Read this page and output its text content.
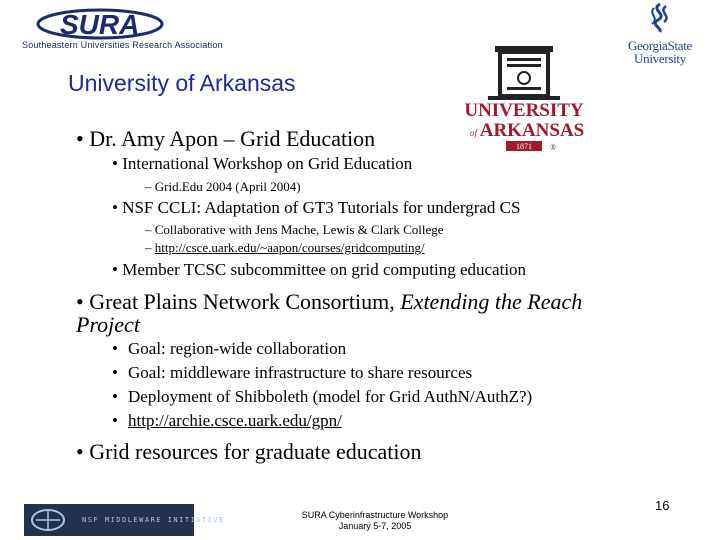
SURA
Southeastern Universities Research Association	GeorgiaState
University
University of Arkansas
UNIVERSITY
of ARKANSAS
1871 ®
• Dr. Amy Apon – Grid Education
• International Workshop on Grid Education
– Grid.Edu 2004 (April 2004)
• NSF CCLI: Adaptation of GT3 Tutorials for undergrad CS
– Collaborative with Jens Mache, Lewis & Clark College
– http://csce.uark.edu/~aapon/courses/gridcomputing/
• Member TCSC subcommittee on grid computing education
• Great Plains Network Consortium, Extending the Reach
Project
• Goal: region-wide collaboration
• Goal: middleware infrastructure to share resources
• Deployment of Shibboleth (model for Grid AuthN/AuthZ?)
• http://archie.csce.uark.edu/gpn/
• Grid resources for graduate education
NSF MIDDLEWARE INITIATIVE	SURA Cyberinfrastructure Workshop
January 5-7, 2005
16
